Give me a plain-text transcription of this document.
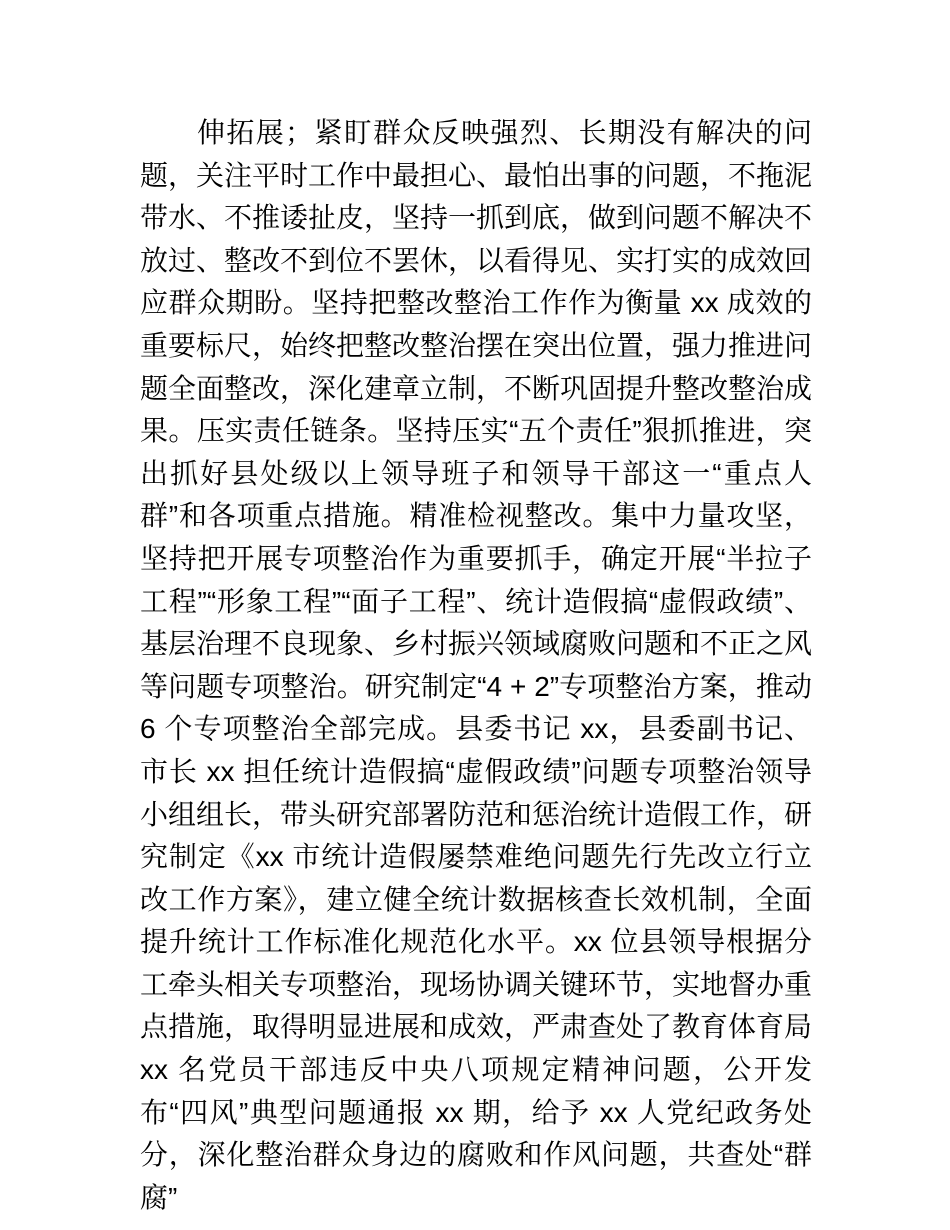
伸拓展；紧盯群众反映强烈、长期没有解决的问题，关注平时工作中最担心、最怕出事的问题，不拖泥带水、不推诿扯皮，坚持一抓到底，做到问题不解决不放过、整改不到位不罢休，以看得见、实打实的成效回应群众期盼。坚持把整改整治工作作为衡量 xx 成效的重要标尺，始终把整改整治摆在突出位置，强力推进问题全面整改，深化建章立制，不断巩固提升整改整治成果。压实责任链条。坚持压实“五个责任”狠抓推进，突出抓好县处级以上领导班子和领导干部这一“重点人群”和各项重点措施。精准检视整改。集中力量攻坚，坚持把开展专项整治作为重要抓手，确定开展“半拉子工程”“形象工程”“面子工程”、统计造假搞“虚假政绩”、基层治理不良现象、乡村振兴领域腐败问题和不正之风等问题专项整治。研究制定“4 + 2”专项整治方案，推动 6 个专项整治全部完成。县委书记 xx，县委副书记、市长 xx 担任统计造假搞“虚假政绩”问题专项整治领导小组组长，带头研究部署防范和惩治统计造假工作，研究制定《xx 市统计造假屡禁难绝问题先行先改立行立改工作方案》，建立健全统计数据核查长效机制，全面提升统计工作标准化规范化水平。xx 位县领导根据分工牵头相关专项整治，现场协调关键环节，实地督办重点措施，取得明显进展和成效，严肃查处了教育体育局 xx 名党员干部违反中央八项规定精神问题，公开发布“四风”典型问题通报 xx 期，给予 xx 人党纪政务处分，深化整治群众身边的腐败和作风问题，共查处“群腐”
